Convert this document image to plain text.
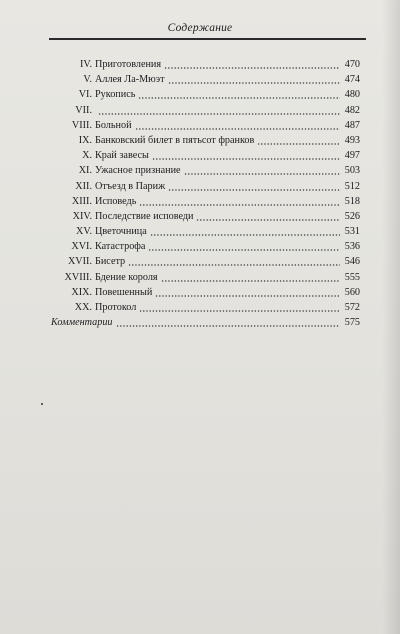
Содержание
IV. Приготовления	470
V. Аллея Ла-Мюэт	474
VI. Рукопись	480
VII.	482
VIII. Больной	487
IX. Банковский билет в пятьсот франков	493
X. Край завесы	497
XI. Ужасное признание	503
XII. Отъезд в Париж	512
XIII. Исповедь	518
XIV. Последствие исповеди	526
XV. Цветочница	531
XVI. Катастрофа	536
XVII. Бисетр	546
XVIII. Бдение короля	555
XIX. Повешенный	560
XX. Протокол	572
Комментарии	575
